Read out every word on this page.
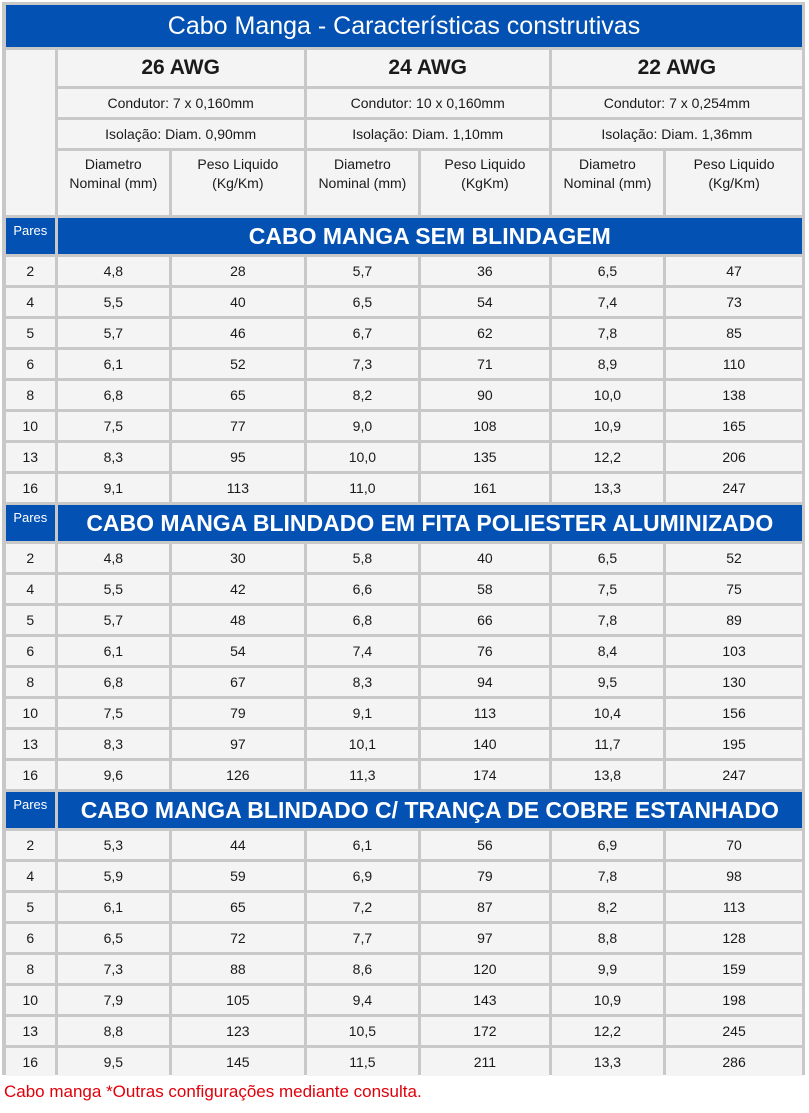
Cabo Manga - Características construtivas						
	26 AWG		24 AWG		22 AWG	
	Condutor: 7 x 0,160mm		Condutor: 10 x 0,160mm		Condutor: 7 x 0,254mm	
	Isolação: Diam. 0,90mm		Isolação: Diam. 1,10mm		Isolação: Diam. 1,36mm	
	Diametro Nominal (mm)	Peso Liquido (Kg/Km)	Diametro Nominal (mm)	Peso Liquido (KgKm)	Diametro Nominal (mm)	Peso Liquido (Kg/Km)
Pares	CABO MANGA SEM BLINDAGEM					
2	4,8	28	5,7	36	6,5	47
4	5,5	40	6,5	54	7,4	73
5	5,7	46	6,7	62	7,8	85
6	6,1	52	7,3	71	8,9	110
8	6,8	65	8,2	90	10,0	138
10	7,5	77	9,0	108	10,9	165
13	8,3	95	10,0	135	12,2	206
16	9,1	113	11,0	161	13,3	247
Pares	CABO MANGA BLINDADO EM FITA POLIESTER ALUMINIZADO					
2	4,8	30	5,8	40	6,5	52
4	5,5	42	6,6	58	7,5	75
5	5,7	48	6,8	66	7,8	89
6	6,1	54	7,4	76	8,4	103
8	6,8	67	8,3	94	9,5	130
10	7,5	79	9,1	113	10,4	156
13	8,3	97	10,1	140	11,7	195
16	9,6	126	11,3	174	13,8	247
Pares	CABO MANGA BLINDADO C/ TRANÇA DE COBRE ESTANHADO					
2	5,3	44	6,1	56	6,9	70
4	5,9	59	6,9	79	7,8	98
5	6,1	65	7,2	87	8,2	113
6	6,5	72	7,7	97	8,8	128
8	7,3	88	8,6	120	9,9	159
10	7,9	105	9,4	143	10,9	198
13	8,8	123	10,5	172	12,2	245
16	9,5	145	11,5	211	13,3	286
Cabo manga *Outras configurações mediante consulta.
